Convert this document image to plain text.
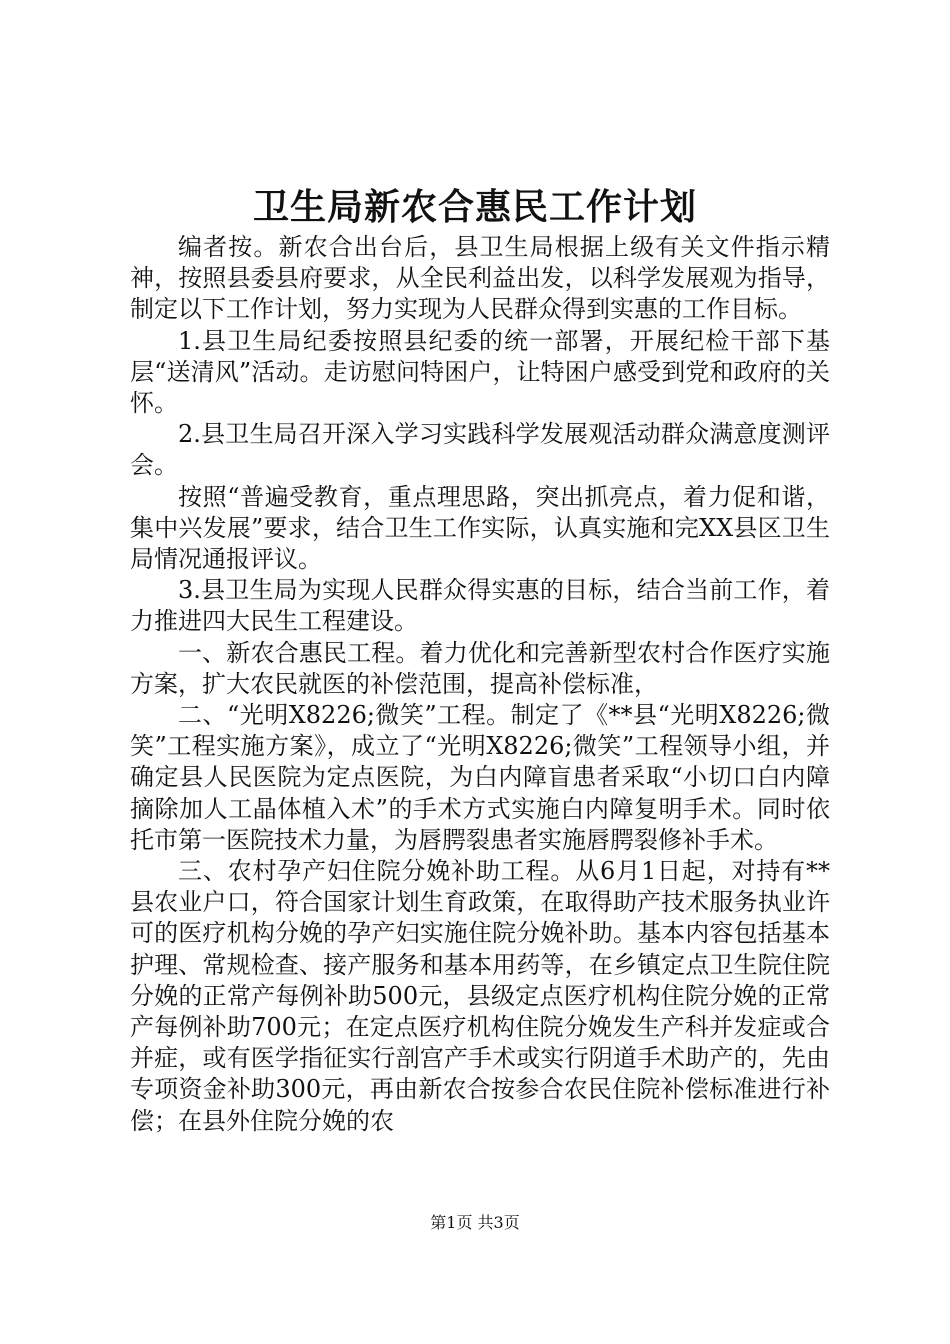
卫生局新农合惠民工作计划

编者按。新农合出台后，县卫生局根据上级有关文件指示精神，按照县委县府要求，从全民利益出发，以科学发展观为指导，制定以下工作计划，努力实现为人民群众得到实惠的工作目标。

1.县卫生局纪委按照县纪委的统一部署，开展纪检干部下基层“送清风”活动。走访慰问特困户，让特困户感受到党和政府的关怀。

2.县卫生局召开深入学习实践科学发展观活动群众满意度测评会。

按照“普遍受教育，重点理思路，突出抓亮点，着力促和谐，集中兴发展”要求，结合卫生工作实际，认真实施和完XX县区卫生局情况通报评议。

3.县卫生局为实现人民群众得实惠的目标，结合当前工作，着力推进四大民生工程建设。

一、新农合惠民工程。着力优化和完善新型农村合作医疗实施方案，扩大农民就医的补偿范围，提高补偿标准，

二、“光明X8226;微笑”工程。制定了《**县“光明X8226;微笑”工程实施方案》，成立了“光明X8226;微笑”工程领导小组，并确定县人民医院为定点医院，为白内障盲患者采取“小切口白内障摘除加人工晶体植入术”的手术方式实施白内障复明手术。同时依托市第一医院技术力量，为唇腭裂患者实施唇腭裂修补手术。

三、农村孕产妇住院分娩补助工程。从6月1日起，对持有**县农业户口，符合国家计划生育政策，在取得助产技术服务执业许可的医疗机构分娩的孕产妇实施住院分娩补助。基本内容包括基本护理、常规检查、接产服务和基本用药等，在乡镇定点卫生院住院分娩的正常产每例补助500元，县级定点医疗机构住院分娩的正常产每例补助700元；在定点医疗机构住院分娩发生产科并发症或合并症，或有医学指征实行剖宫产手术或实行阴道手术助产的，先由专项资金补助300元，再由新农合按参合农民住院补偿标准进行补偿；在县外住院分娩的农

第1页 共3页
